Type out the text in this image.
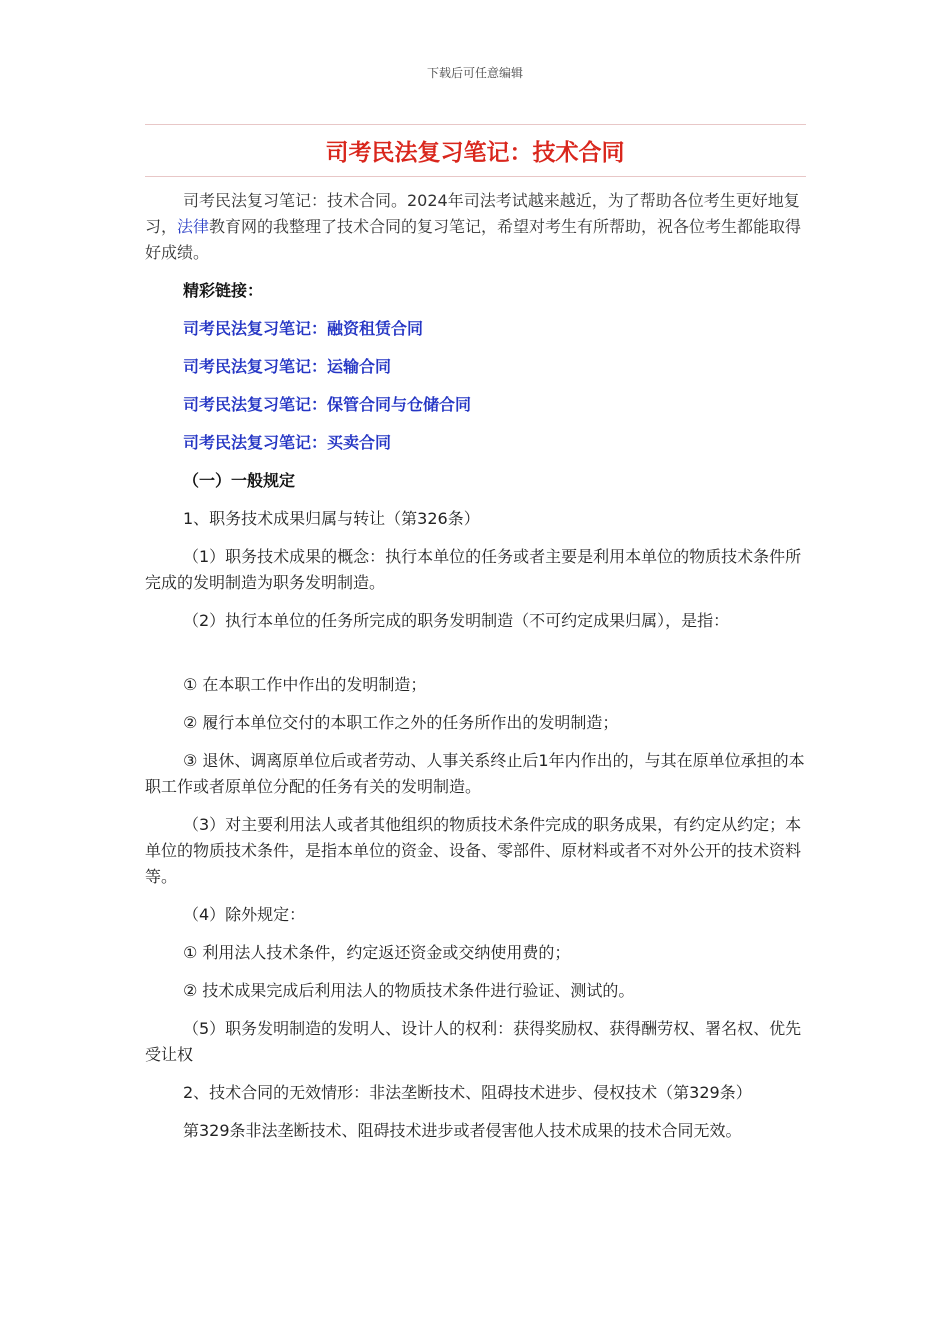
下载后可任意编辑
司考民法复习笔记：技术合同

司考民法复习笔记：技术合同。2024年司法考试越来越近，为了帮助各位考生更好地复习，法律教育网的我整理了技术合同的复习笔记，希望对考生有所帮助，祝各位考生都能取得好成绩。

精彩链接：

司考民法复习笔记：融资租赁合同

司考民法复习笔记：运输合同

司考民法复习笔记：保管合同与仓储合同

司考民法复习笔记：买卖合同

（一）一般规定

1、职务技术成果归属与转让（第326条）

（1）职务技术成果的概念：执行本单位的任务或者主要是利用本单位的物质技术条件所完成的发明制造为职务发明制造。

（2）执行本单位的任务所完成的职务发明制造（不可约定成果归属），是指：

① 在本职工作中作出的发明制造；

② 履行本单位交付的本职工作之外的任务所作出的发明制造；

③ 退休、调离原单位后或者劳动、人事关系终止后1年内作出的，与其在原单位承担的本职工作或者原单位分配的任务有关的发明制造。

（3）对主要利用法人或者其他组织的物质技术条件完成的职务成果，有约定从约定；本单位的物质技术条件，是指本单位的资金、设备、零部件、原材料或者不对外公开的技术资料等。

（4）除外规定：

① 利用法人技术条件，约定返还资金或交纳使用费的；

② 技术成果完成后利用法人的物质技术条件进行验证、测试的。

（5）职务发明制造的发明人、设计人的权利：获得奖励权、获得酬劳权、署名权、优先受让权

2、技术合同的无效情形：非法垄断技术、阻碍技术进步、侵权技术（第329条）

第329条非法垄断技术、阻碍技术进步或者侵害他人技术成果的技术合同无效。
